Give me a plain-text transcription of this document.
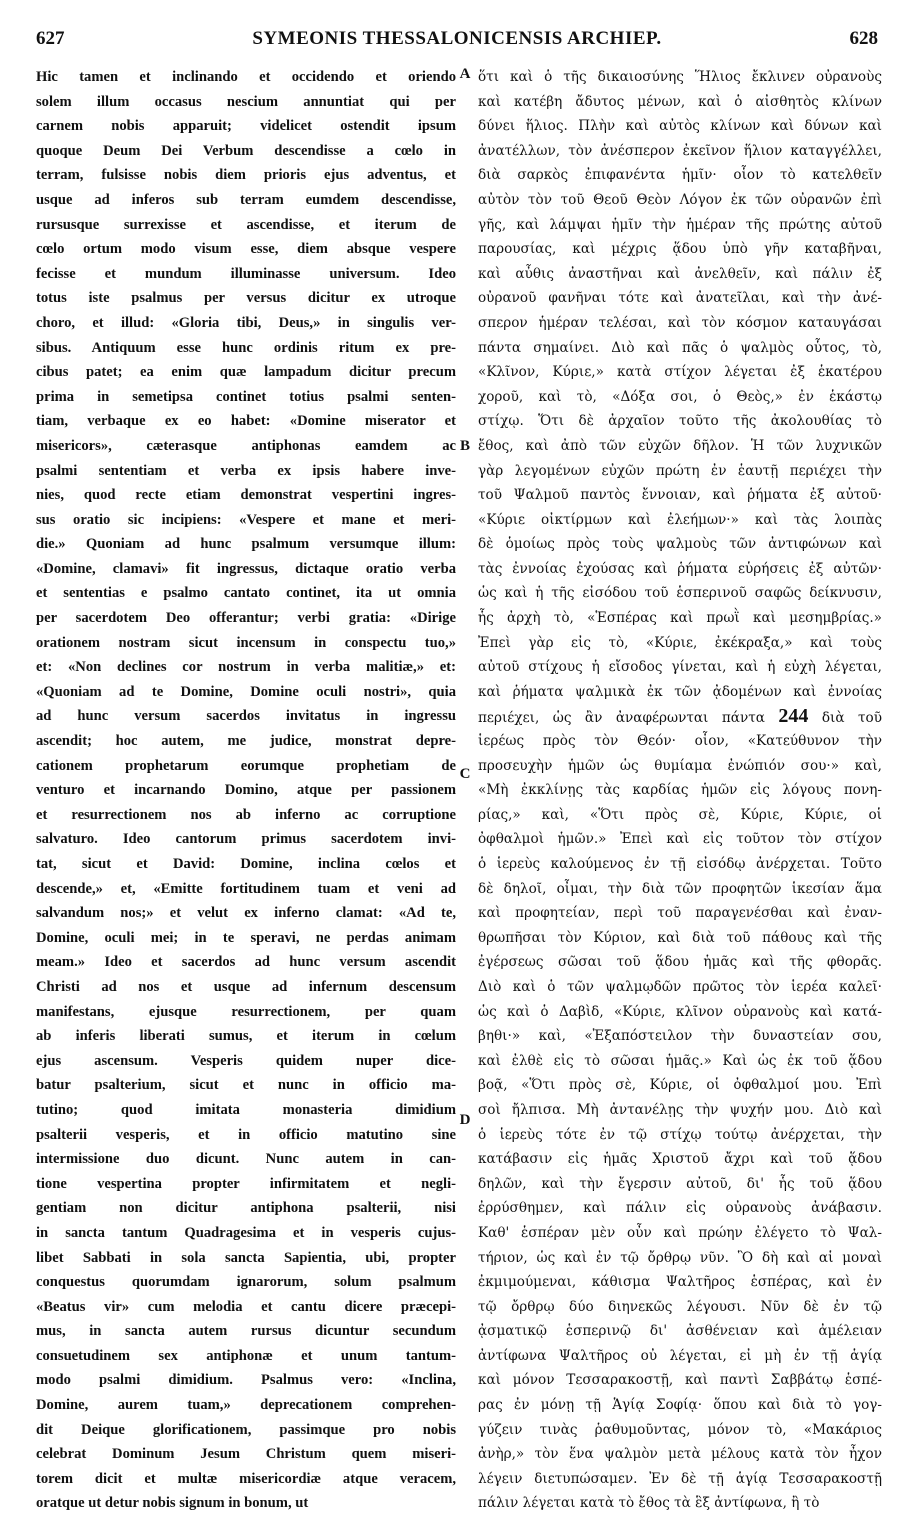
627	SYMEONIS THESSALONICENSIS ARCHIEP.	628
Hic tamen et inclinando et occidendo et oriendo
solem illum occasus nescium annuntiat qui per
carnem nobis apparuit; videlicet ostendit ipsum
quoque Deum Dei Verbum descendisse a cœlo in
terram, fulsisse nobis diem prioris ejus adventus, et
usque ad inferos sub terram eumdem descendisse,
rursusque surrexisse et ascendisse, et iterum de
cœlo ortum modo visum esse, diem absque vespere
fecisse et mundum illuminasse universum. Ideo
totus iste psalmus per versus dicitur ex utroque
choro, et illud: «Gloria tibi, Deus,» in singulis ver-
sibus. Antiquum esse hunc ordinis ritum ex pre-
cibus patet; ea enim quæ lampadum dicitur precum
prima in semetipsa continet totius psalmi senten-
tiam, verbaque ex eo habet: «Domine miserator et
misericors», cæterasque antiphonas eamdem ac
psalmi sententiam et verba ex ipsis habere inve-
nies, quod recte etiam demonstrat vespertini ingres-
sus oratio sic incipiens: «Vespere et mane et meri-
die.» Quoniam ad hunc psalmum versumque illum:
«Domine, clamavi» fit ingressus, dictaque oratio verba
et sententias e psalmo cantato continet, ita ut omnia
per sacerdotem Deo offerantur; verbi gratia: «Dirige
orationem nostram sicut incensum in conspectu tuo,»
et: «Non declines cor nostrum in verba malitiæ,» et:
«Quoniam ad te Domine, Domine oculi nostri», quia
ad hunc versum sacerdos invitatus in ingressu
ascendit; hoc autem, me judice, monstrat depre-
cationem prophetarum eorumque prophetiam de
venturo et incarnando Domino, atque per passionem
et resurrectionem nos ab inferno ac corruptione
salvaturo. Ideo cantorum primus sacerdotem invi-
tat, sicut et David: Domine, inclina cœlos et
descende,» et, «Emitte fortitudinem tuam et veni ad
salvandum nos;» et velut ex inferno clamat: «Ad te,
Domine, oculi mei; in te speravi, ne perdas animam
meam.» Ideo et sacerdos ad hunc versum ascendit
Christi ad nos et usque ad infernum descensum
manifestans, ejusque resurrectionem, per quam
ab inferis liberati sumus, et iterum in cœlum
ejus ascensum. Vesperis quidem nuper dice-
batur psalterium, sicut et nunc in officio ma-
tutino; quod imitata monasteria dimidium
psalterii vesperis, et in officio matutino sine
intermissione duo dicunt. Nunc autem in can-
tione vespertina propter infirmitatem et negli-
gentiam non dicitur antiphona psalterii, nisi
in sancta tantum Quadragesima et in vesperis cujus-
libet Sabbati in sola sancta Sapientia, ubi, propter
conquestus quorumdam ignarorum, solum psalmum
«Beatus vir» cum melodia et cantu dicere præcepi-
mus, in sancta autem rursus dicuntur secundum
consuetudinem sex antiphonæ et unum tantum-
modo psalmi dimidium. Psalmus vero: «Inclina,
Domine, aurem tuam,» deprecationem comprehen-
dit Deique glorificationem, passimque pro nobis
celebrat Dominum Jesum Christum quem miseri-
torem dicit et multæ misericordiæ atque veracem,
oratque ut detur nobis signum in bonum, ut
A
B
C
D
ὅτι καὶ ὁ τῆς δικαιοσύνης Ἥλιος ἔκλινεν οὐρανοὺς
καὶ κατέβη ἄδυτος μένων, καὶ ὁ αἰσθητὸς κλίνων
δύνει ἥλιος. Πλὴν καὶ αὐτὸς κλίνων καὶ δύνων καὶ
ἀνατέλλων, τὸν ἀνέσπερον ἐκεῖνον ἥλιον καταγγέλλει,
διὰ σαρκὸς ἐπιφανέντα ἡμῖν· οἷον τὸ κατελθεῖν
αὐτὸν τὸν τοῦ Θεοῦ Θεὸν Λόγον ἐκ τῶν οὐρανῶν ἐπὶ
γῆς, καὶ λάμψαι ἡμῖν τὴν ἡμέραν τῆς πρώτης αὐτοῦ
παρουσίας, καὶ μέχρις ᾅδου ὑπὸ γῆν καταβῆναι,
καὶ αὖθις ἀναστῆναι καὶ ἀνελθεῖν, καὶ πάλιν ἐξ
οὐρανοῦ φανῆναι τότε καὶ ἀνατεῖλαι, καὶ τὴν ἀνέ-
σπερον ἡμέραν τελέσαι, καὶ τὸν κόσμον καταυγάσαι
πάντα σημαίνει. Διὸ καὶ πᾶς ὁ ψαλμὸς οὗτος, τὸ,
«Κλῖνον, Κύριε,» κατὰ στίχον λέγεται ἐξ ἑκατέρου
χοροῦ, καὶ τὸ, «Δόξα σοι, ὁ Θεὸς,» ἐν ἑκάστῳ
στίχῳ. Ὅτι δὲ ἀρχαῖον τοῦτο τῆς ἀκολουθίας τὸ
ἔθος, καὶ ἀπὸ τῶν εὐχῶν δῆλον. Ἡ τῶν λυχνικῶν
γὰρ λεγομένων εὐχῶν πρώτη ἐν ἑαυτῇ περιέχει τὴν
τοῦ Ψαλμοῦ παντὸς ἔννοιαν, καὶ ῥήματα ἐξ αὐτοῦ·
«Κύριε οἰκτίρμων καὶ ἐλεήμων·» καὶ τὰς λοιπὰς
δὲ ὁμοίως πρὸς τοὺς ψαλμοὺς τῶν ἀντιφώνων καὶ
τὰς ἐννοίας ἐχούσας καὶ ῥήματα εὑρήσεις ἐξ αὐτῶν·
ὡς καὶ ἡ τῆς εἰσόδου τοῦ ἑσπερινοῦ σαφῶς δείκνυσιν,
ἧς ἀρχὴ τὸ, «Ἑσπέρας καὶ πρωῒ καὶ μεσημβρίας.»
Ἐπεὶ γὰρ εἰς τὸ, «Κύριε, ἐκέκραξα,» καὶ τοὺς
αὐτοῦ στίχους ἡ εἴσοδος γίνεται, καὶ ἡ εὐχὴ λέγεται,
καὶ ῥήματα ψαλμικὰ ἐκ τῶν ᾀδομένων καὶ ἐννοίας
περιέχει, ὡς ἂν ἀναφέρωνται πάντα 244 διὰ τοῦ
ἱερέως πρὸς τὸν Θεόν· οἷον, «Κατεύθυνον τὴν
προσευχὴν ἡμῶν ὡς θυμίαμα ἐνώπιόν σου·» καὶ,
«Μὴ ἐκκλίνῃς τὰς καρδίας ἡμῶν εἰς λόγους πονη-
ρίας,» καὶ, «Ὅτι πρὸς σὲ, Κύριε, Κύριε, οἱ
ὀφθαλμοὶ ἡμῶν.» Ἐπεὶ καὶ εἰς τοῦτον τὸν στίχον
ὁ ἱερεὺς καλούμενος ἐν τῇ εἰσόδῳ ἀνέρχεται. Τοῦτο
δὲ δηλοῖ, οἶμαι, τὴν διὰ τῶν προφητῶν ἱκεσίαν ἅμα
καὶ προφητείαν, περὶ τοῦ παραγενέσθαι καὶ ἐναν-
θρωπῆσαι τὸν Κύριον, καὶ διὰ τοῦ πάθους καὶ τῆς
ἐγέρσεως σῶσαι τοῦ ᾅδου ἡμᾶς καὶ τῆς φθορᾶς.
Διὸ καὶ ὁ τῶν ψαλμῳδῶν πρῶτος τὸν ἱερέα καλεῖ·
ὡς καὶ ὁ Δαβὶδ, «Κύριε, κλῖνον οὐρανοὺς καὶ κατά-
βηθι·» καὶ, «Ἐξαπόστειλον τὴν δυναστείαν σου,
καὶ ἐλθὲ εἰς τὸ σῶσαι ἡμᾶς.» Καὶ ὡς ἐκ τοῦ ᾅδου
βοᾷ, «Ὅτι πρὸς σὲ, Κύριε, οἱ ὀφθαλμοί μου. Ἐπὶ
σοὶ ἤλπισα. Μὴ ἀντανέλῃς τὴν ψυχήν μου. Διὸ καὶ
ὁ ἱερεὺς τότε ἐν τῷ στίχῳ τούτῳ ἀνέρχεται, τὴν
κατάβασιν εἰς ἡμᾶς Χριστοῦ ἄχρι καὶ τοῦ ᾅδου
δηλῶν, καὶ τὴν ἔγερσιν αὐτοῦ, δι' ἧς τοῦ ᾅδου
ἐρρύσθημεν, καὶ πάλιν εἰς οὐρανοὺς ἀνάβασιν.
Καθ' ἑσπέραν μὲν οὖν καὶ πρώην ἐλέγετο τὸ Ψαλ-
τήριον, ὡς καὶ ἐν τῷ ὄρθρῳ νῦν. Ὃ δὴ καὶ αἱ μοναὶ
ἐκμιμούμεναι, κάθισμα Ψαλτῆρος ἑσπέρας, καὶ ἐν
τῷ ὄρθρῳ δύο διηνεκῶς λέγουσι. Νῦν δὲ ἐν τῷ
ᾀσματικῷ ἑσπερινῷ δι' ἀσθένειαν καὶ ἀμέλειαν
ἀντίφωνα Ψαλτῆρος οὐ λέγεται, εἰ μὴ ἐν τῇ ἁγίᾳ
καὶ μόνον Τεσσαρακοστῇ, καὶ παντὶ Σαββάτῳ ἑσπέ-
ρας ἐν μόνῃ τῇ Ἁγίᾳ Σοφίᾳ· ὅπου καὶ διὰ τὸ γογ-
γύζειν τινὰς ῥαθυμοῦντας, μόνον τὸ, «Μακάριος
ἀνὴρ,» τὸν ἕνα ψαλμὸν μετὰ μέλους κατὰ τὸν ἦχον
λέγειν διετυπώσαμεν. Ἐν δὲ τῇ ἁγίᾳ Τεσσαρακοστῇ
πάλιν λέγεται κατὰ τὸ ἔθος τὰ ἓξ ἀντίφωνα, ἢ τὸ
